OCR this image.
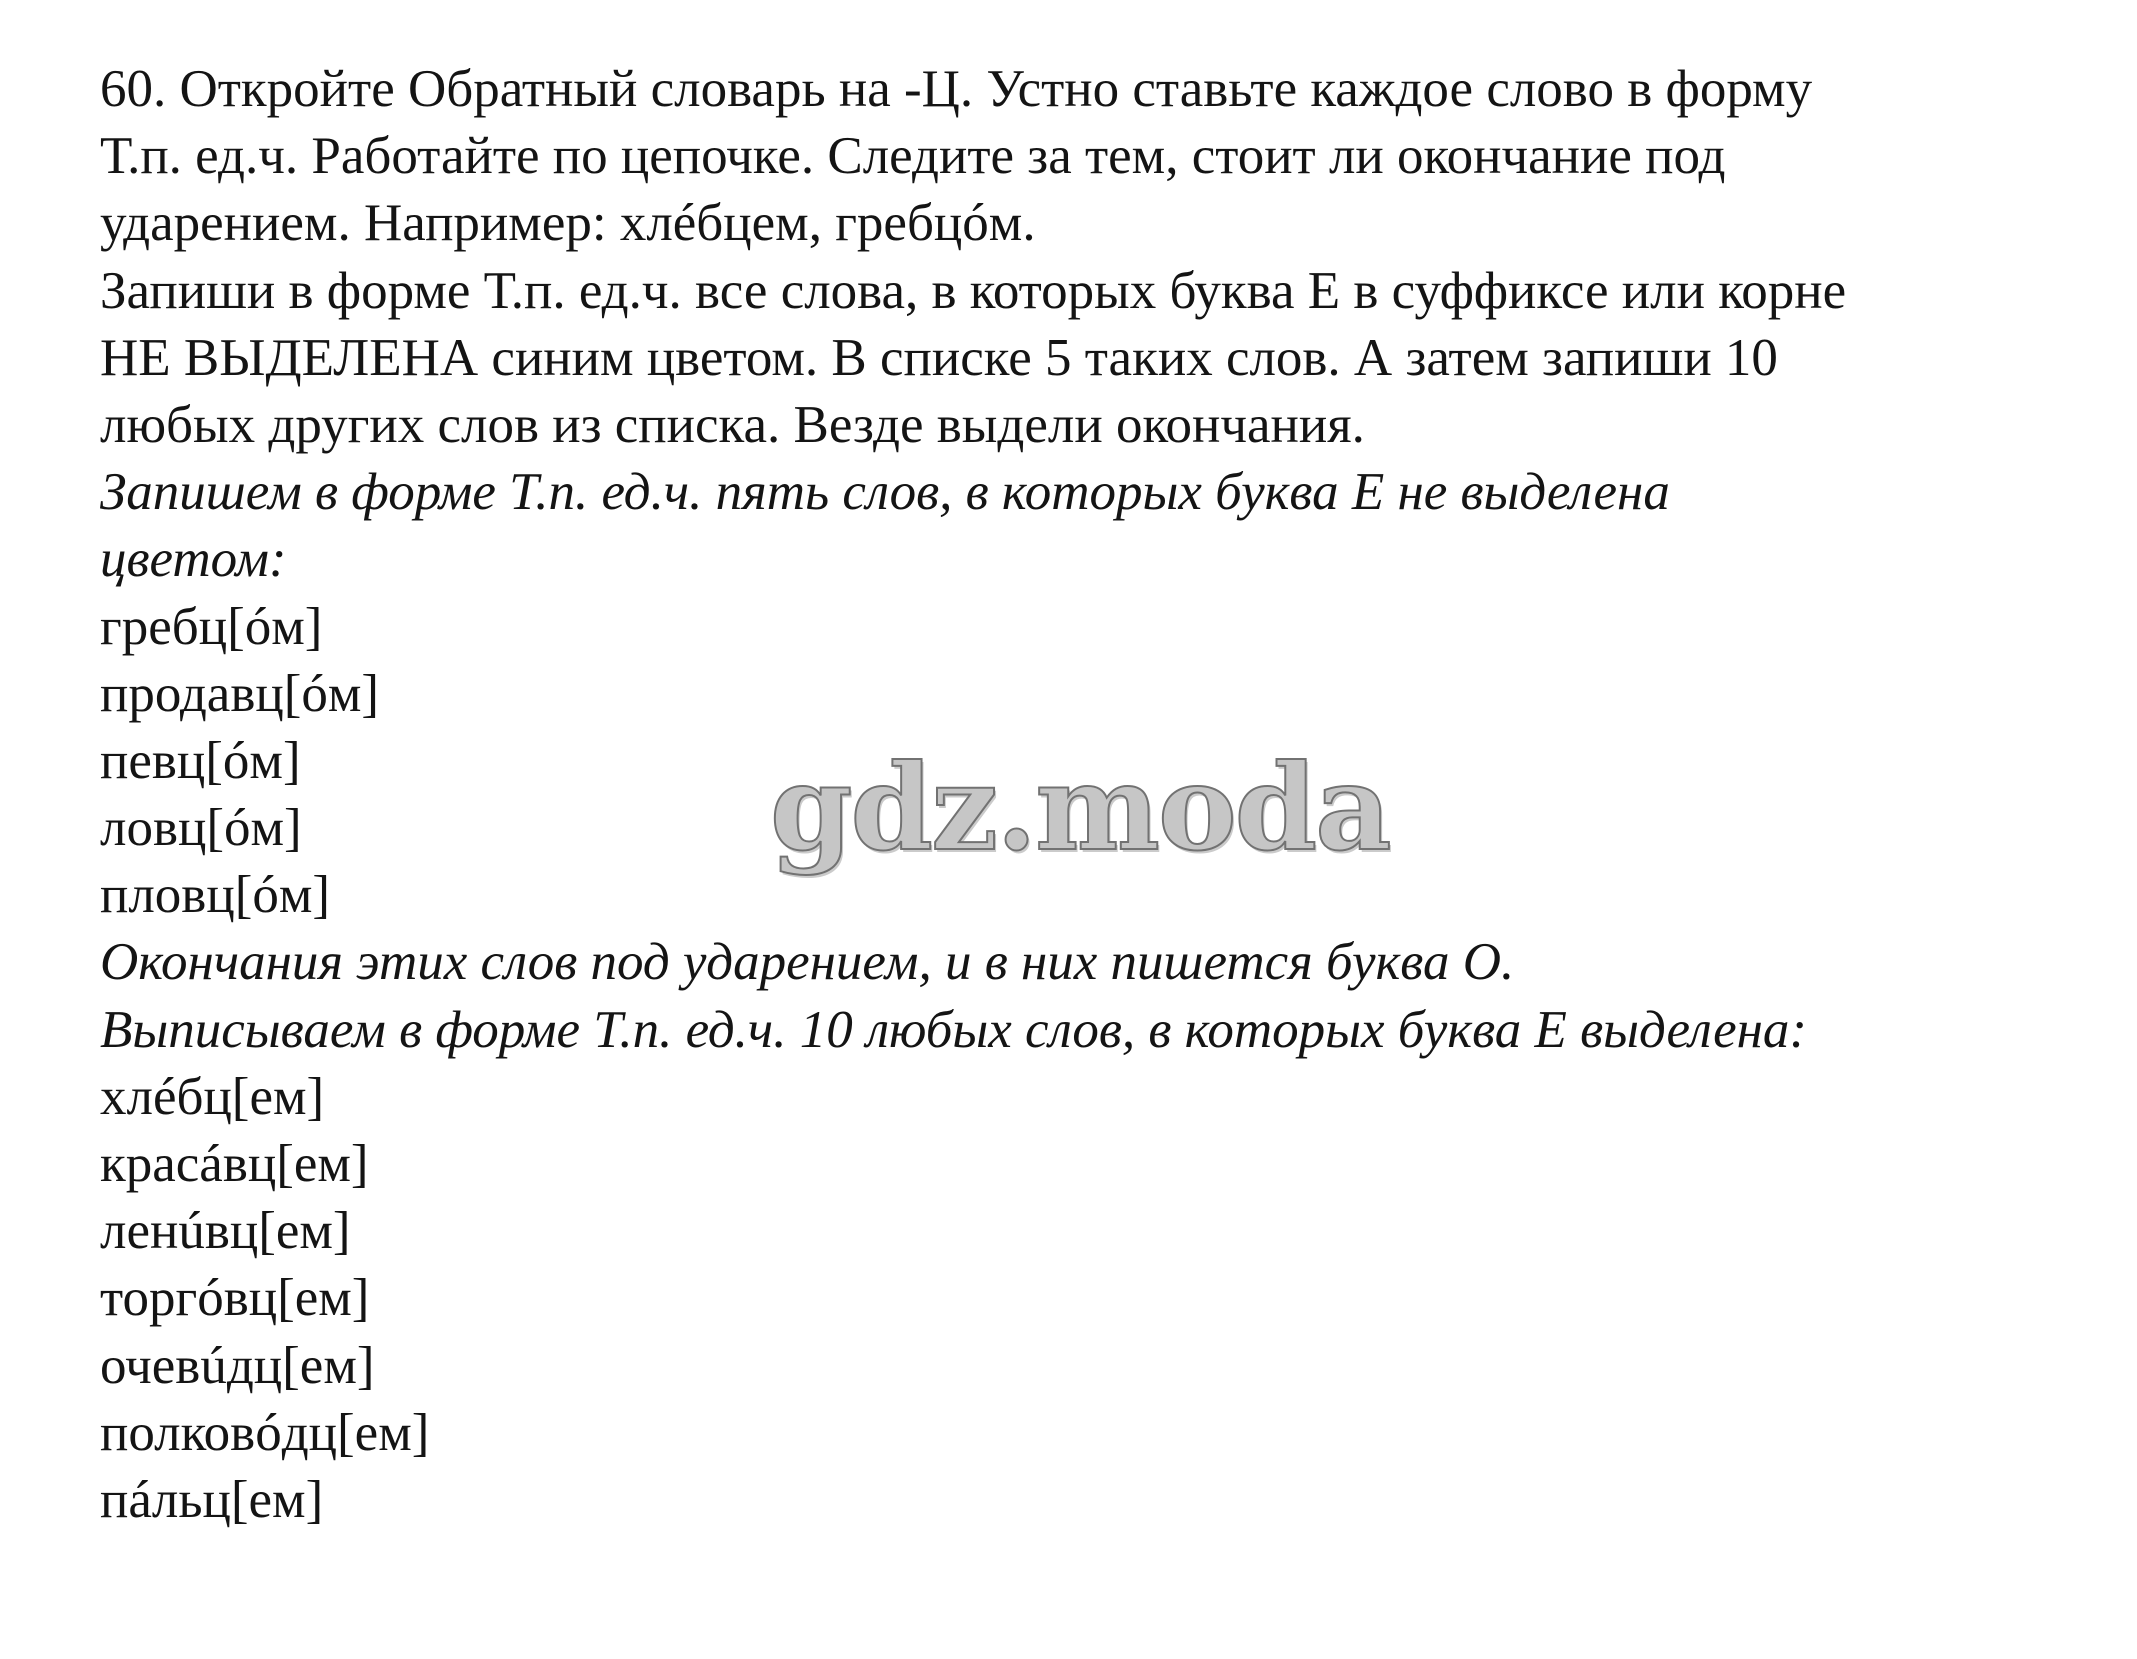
60. Откройте Обратный словарь на -Ц. Устно ставьте каждое слово в форму
Т.п. ед.ч. Работайте по цепочке. Следите за тем, стоит ли окончание под
ударением. Например: хлéбцем, гребцóм.
Запиши в форме Т.п. ед.ч. все слова, в которых буква Е в суффиксе или корне
НЕ ВЫДЕЛЕНА синим цветом. В списке 5 таких слов. А затем запиши 10
любых других слов из списка. Везде выдели окончания.
Запишем в форме Т.п. ед.ч. пять слов, в которых буква Е не выделена
цветом:
гребц[óм]
продавц[óм]
певц[óм]
ловц[óм]
пловц[óм]
Окончания этих слов под ударением, и в них пишется буква О.
Выписываем в форме Т.п. ед.ч. 10 любых слов, в которых буква Е выделена:
хлéбц[ем]
красáвц[ем]
ленúвц[ем]
торгóвц[ем]
очевúдц[ем]
полковóдц[ем]
пáльц[ем]
gdz.moda
